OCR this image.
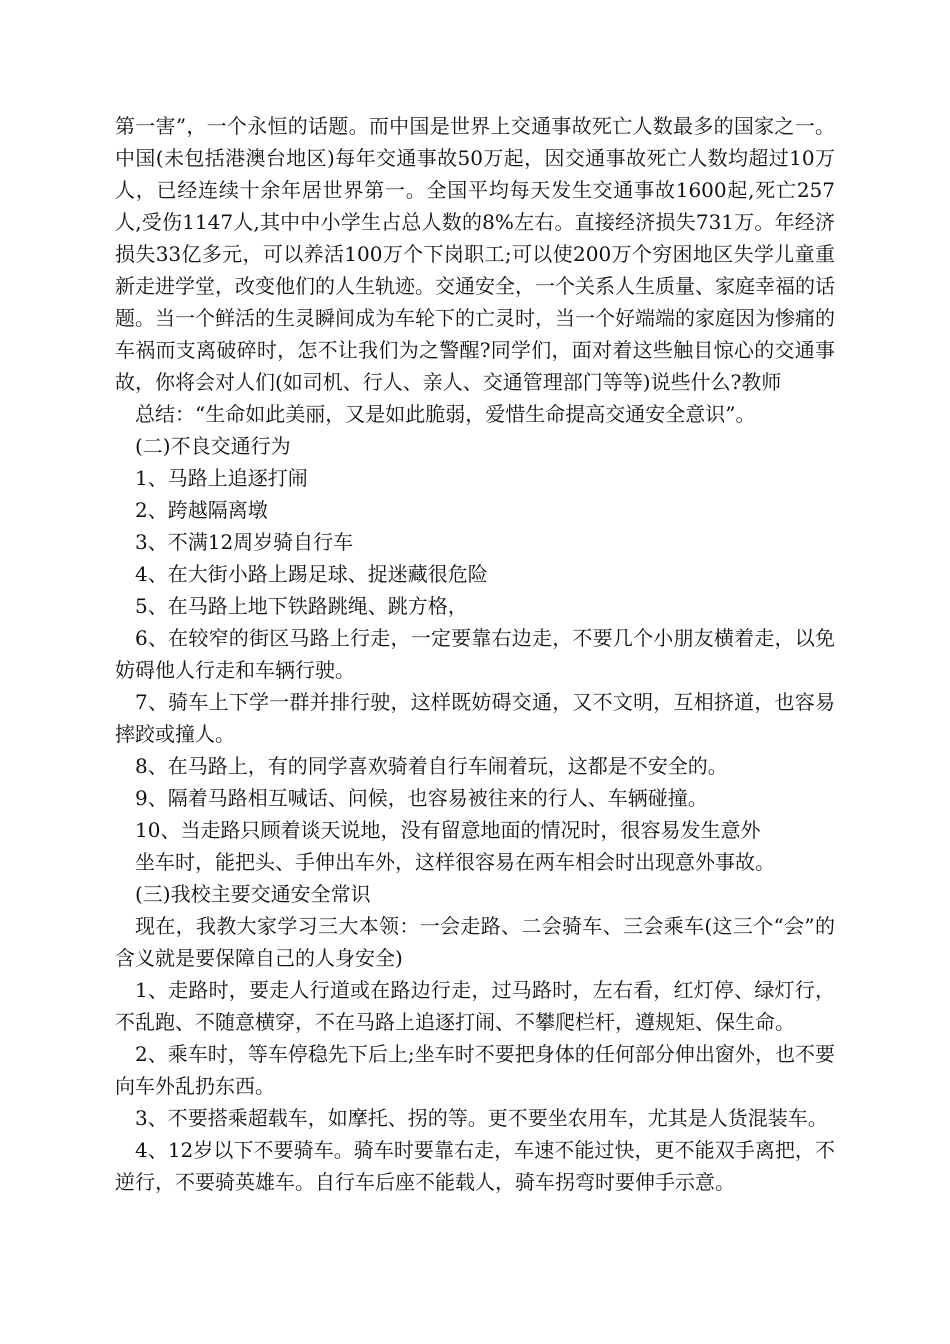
第一害”，一个永恒的话题。而中国是世界上交通事故死亡人数最多的国家之一。中国(未包括港澳台地区)每年交通事故50万起，因交通事故死亡人数均超过10万人，已经连续十余年居世界第一。全国平均每天发生交通事故1600起,死亡257人,受伤1147人,其中中小学生占总人数的8%左右。直接经济损失731万。年经济损失33亿多元，可以养活100万个下岗职工;可以使200万个穷困地区失学儿童重新走进学堂，改变他们的人生轨迹。交通安全，一个关系人生质量、家庭幸福的话题。当一个鲜活的生灵瞬间成为车轮下的亡灵时，当一个好端端的家庭因为惨痛的车祸而支离破碎时，怎不让我们为之警醒?同学们，面对着这些触目惊心的交通事故，你将会对人们(如司机、行人、亲人、交通管理部门等等)说些什么?教师

总结：“生命如此美丽，又是如此脆弱，爱惜生命提高交通安全意识”。

(二)不良交通行为

1、马路上追逐打闹

2、跨越隔离墩

3、不满12周岁骑自行车

4、在大街小路上踢足球、捉迷藏很危险

5、在马路上地下铁路跳绳、跳方格，

6、在较窄的街区马路上行走，一定要靠右边走，不要几个小朋友横着走，以免妨碍他人行走和车辆行驶。

7、骑车上下学一群并排行驶，这样既妨碍交通，又不文明，互相挤道，也容易摔跤或撞人。

8、在马路上，有的同学喜欢骑着自行车闹着玩，这都是不安全的。

9、隔着马路相互喊话、问候，也容易被往来的行人、车辆碰撞。

10、当走路只顾着谈天说地，没有留意地面的情况时，很容易发生意外

坐车时，能把头、手伸出车外，这样很容易在两车相会时出现意外事故。

(三)我校主要交通安全常识

现在，我教大家学习三大本领：一会走路、二会骑车、三会乘车(这三个“会”的含义就是要保障自己的人身安全)

1、走路时，要走人行道或在路边行走，过马路时，左右看，红灯停、绿灯行，不乱跑、不随意横穿，不在马路上追逐打闹、不攀爬栏杆，遵规矩、保生命。

2、乘车时，等车停稳先下后上;坐车时不要把身体的任何部分伸出窗外，也不要向车外乱扔东西。

3、不要搭乘超载车，如摩托、拐的等。更不要坐农用车，尤其是人货混装车。

4、12岁以下不要骑车。骑车时要靠右走，车速不能过快，更不能双手离把，不逆行，不要骑英雄车。自行车后座不能载人，骑车拐弯时要伸手示意。
